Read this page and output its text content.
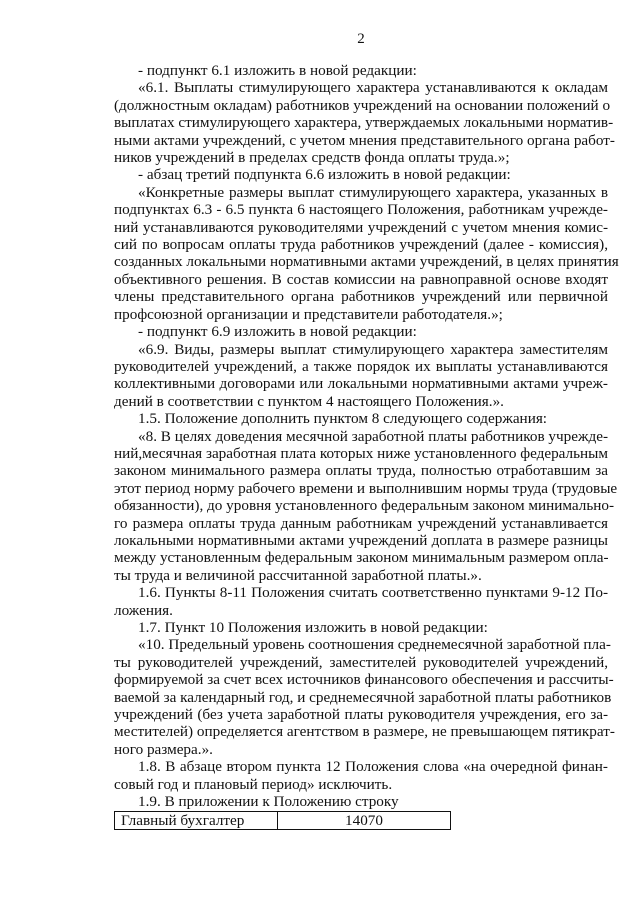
2

- подпункт 6.1 изложить в новой редакции:

«6.1. Выплаты стимулирующего характера устанавливаются к окладам
(должностным окладам) работников учреждений на основании положений о
выплатах стимулирующего характера, утверждаемых локальными норматив-
ными актами учреждений, с учетом мнения представительного органа работ-
ников учреждений в пределах средств фонда оплаты труда.»;

- абзац третий подпункта 6.6 изложить в новой редакции:

«Конкретные размеры выплат стимулирующего характера, указанных в
подпунктах 6.3 - 6.5 пункта 6 настоящего Положения, работникам учрежде-
ний устанавливаются руководителями учреждений с учетом мнения комис-
сий по вопросам оплаты труда работников учреждений (далее - комиссия),
созданных локальными нормативными актами учреждений, в целях принятия
объективного решения. В состав комиссии на равноправной основе входят
члены представительного органа работников учреждений или первичной
профсоюзной организации и представители работодателя.»;

- подпункт 6.9 изложить в новой редакции:

«6.9. Виды, размеры выплат стимулирующего характера заместителям
руководителей учреждений, а также порядок их выплаты устанавливаются
коллективными договорами или локальными нормативными актами учреж-
дений в соответствии с пунктом 4 настоящего Положения.».

1.5. Положение дополнить пунктом 8 следующего содержания:

«8. В целях доведения месячной заработной платы работников учрежде-
ний,месячная заработная плата которых ниже установленного федеральным
законом минимального размера оплаты труда, полностью отработавшим за
этот период норму рабочего времени и выполнившим нормы труда (трудовые
обязанности), до уровня установленного федеральным законом минимально-
го размера оплаты труда данным работникам учреждений устанавливается
локальными нормативными актами учреждений доплата в размере разницы
между установленным федеральным законом минимальным размером опла-
ты труда и величиной рассчитанной заработной платы.».

1.6. Пункты 8-11 Положения считать соответственно пунктами 9-12 По-
ложения.

1.7. Пункт 10 Положения изложить в новой редакции:

«10. Предельный уровень соотношения среднемесячной заработной пла-
ты руководителей учреждений, заместителей руководителей учреждений,
формируемой за счет всех источников финансового обеспечения и рассчиты-
ваемой за календарный год, и среднемесячной заработной платы работников
учреждений (без учета заработной платы руководителя учреждения, его за-
местителей) определяется агентством в размере, не превышающем пятикрат-
ного размера.».

1.8. В абзаце втором пункта 12 Положения слова «на очередной финан-
совый год и плановый период» исключить.

1.9. В приложении к Положению строку

Главный бухгалтер	14070
